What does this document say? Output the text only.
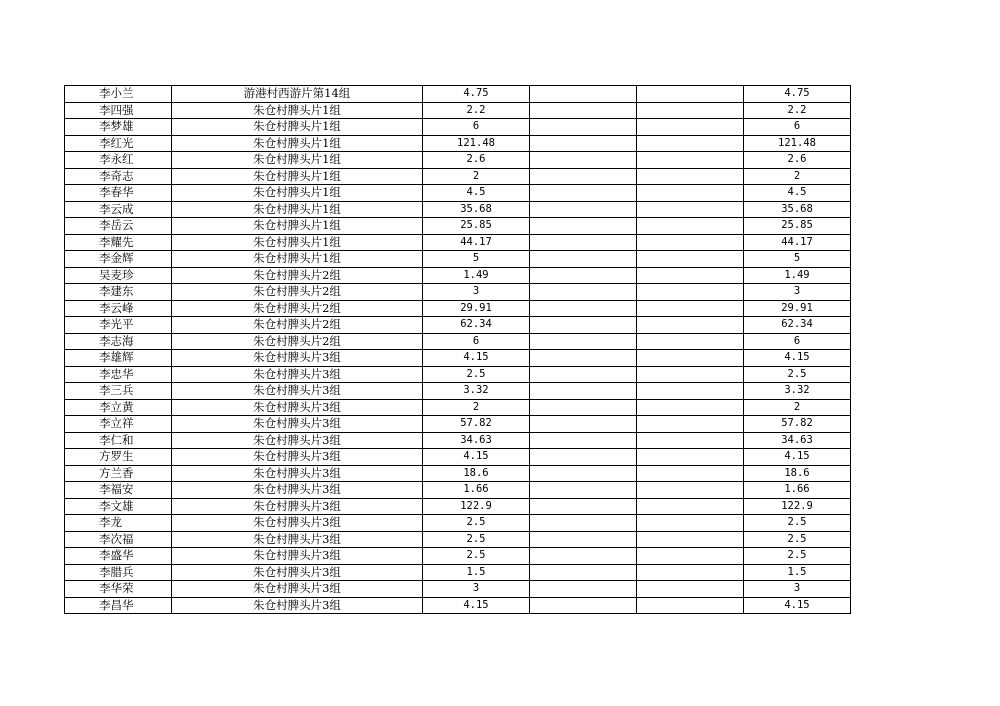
李小兰	游港村西游片第14组	4.75			4.75
李四强	朱仓村脾头片1组	2.2			2.2
李梦雄	朱仓村脾头片1组	6			6
李红光	朱仓村脾头片1组	121.48			121.48
李永红	朱仓村脾头片1组	2.6			2.6
李奇志	朱仓村脾头片1组	2			2
李春华	朱仓村脾头片1组	4.5			4.5
李云成	朱仓村脾头片1组	35.68			35.68
李岳云	朱仓村脾头片1组	25.85			25.85
李耀先	朱仓村脾头片1组	44.17			44.17
李金辉	朱仓村脾头片1组	5			5
吴麦珍	朱仓村脾头片2组	1.49			1.49
李建东	朱仓村脾头片2组	3			3
李云峰	朱仓村脾头片2组	29.91			29.91
李光平	朱仓村脾头片2组	62.34			62.34
李志海	朱仓村脾头片2组	6			6
李雄辉	朱仓村脾头片3组	4.15			4.15
李忠华	朱仓村脾头片3组	2.5			2.5
李三兵	朱仓村脾头片3组	3.32			3.32
李立黄	朱仓村脾头片3组	2			2
李立祥	朱仓村脾头片3组	57.82			57.82
李仁和	朱仓村脾头片3组	34.63			34.63
方罗生	朱仓村脾头片3组	4.15			4.15
方兰香	朱仓村脾头片3组	18.6			18.6
李福安	朱仓村脾头片3组	1.66			1.66
李文雄	朱仓村脾头片3组	122.9			122.9
李龙	朱仓村脾头片3组	2.5			2.5
李次福	朱仓村脾头片3组	2.5			2.5
李盛华	朱仓村脾头片3组	2.5			2.5
李腊兵	朱仓村脾头片3组	1.5			1.5
李华荣	朱仓村脾头片3组	3			3
李昌华	朱仓村脾头片3组	4.15			4.15
